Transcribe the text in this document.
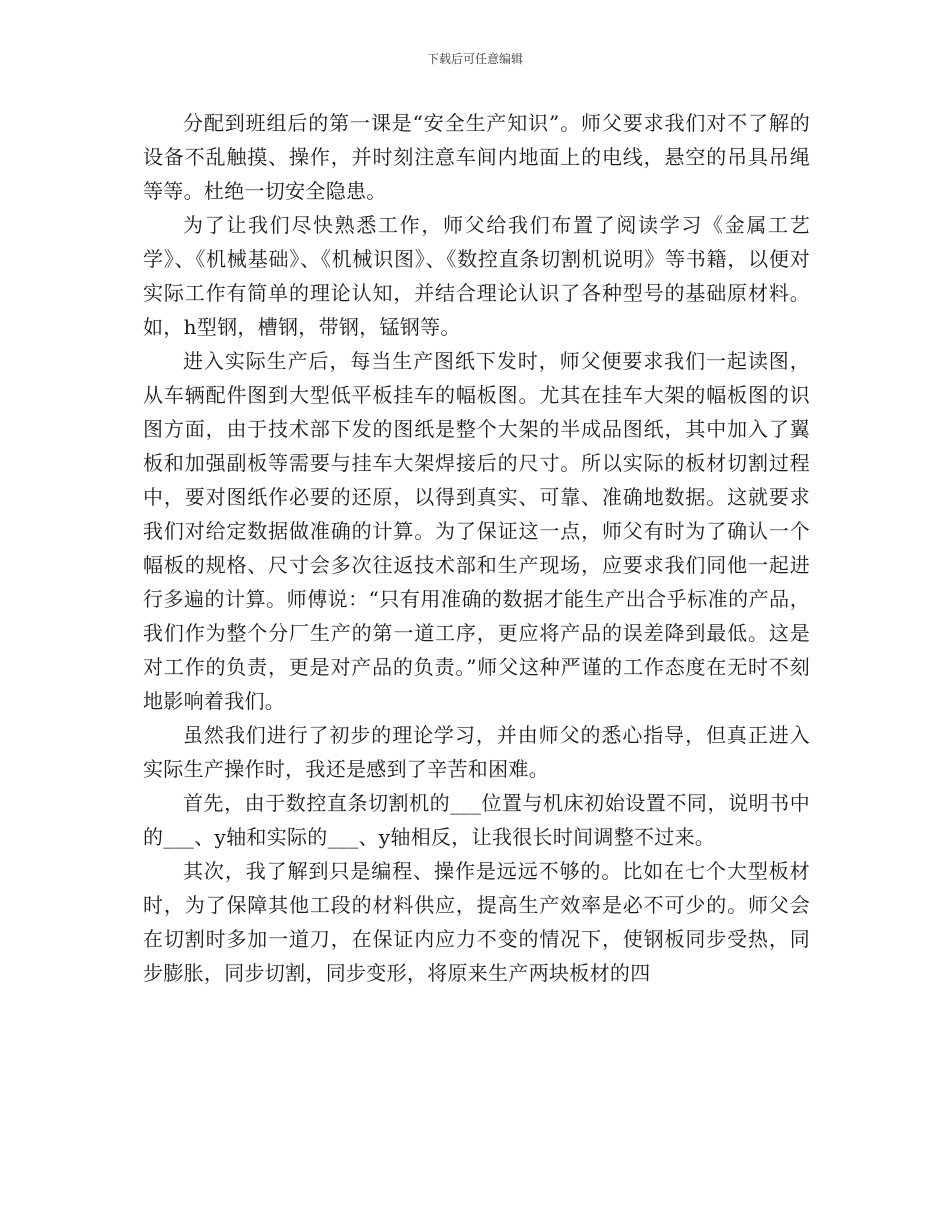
下载后可任意编辑

分配到班组后的第一课是“安全生产知识”。师父要求我们对不了解的设备不乱触摸、操作，并时刻注意车间内地面上的电线，悬空的吊具吊绳等等。杜绝一切安全隐患。

为了让我们尽快熟悉工作，师父给我们布置了阅读学习《金属工艺学》、《机械基础》、《机械识图》、《数控直条切割机说明》等书籍，以便对实际工作有简单的理论认知，并结合理论认识了各种型号的基础原材料。如，h型钢，槽钢，带钢，锰钢等。

进入实际生产后，每当生产图纸下发时，师父便要求我们一起读图，从车辆配件图到大型低平板挂车的幅板图。尤其在挂车大架的幅板图的识图方面，由于技术部下发的图纸是整个大架的半成品图纸，其中加入了翼板和加强副板等需要与挂车大架焊接后的尺寸。所以实际的板材切割过程中，要对图纸作必要的还原，以得到真实、可靠、准确地数据。这就要求我们对给定数据做准确的计算。为了保证这一点，师父有时为了确认一个幅板的规格、尺寸会多次往返技术部和生产现场，应要求我们同他一起进行多遍的计算。师傅说：“只有用准确的数据才能生产出合乎标准的产品，我们作为整个分厂生产的第一道工序，更应将产品的误差降到最低。这是对工作的负责，更是对产品的负责。”师父这种严谨的工作态度在无时不刻地影响着我们。

虽然我们进行了初步的理论学习，并由师父的悉心指导，但真正进入实际生产操作时，我还是感到了辛苦和困难。

首先，由于数控直条切割机的___位置与机床初始设置不同，说明书中的___、y轴和实际的___、y轴相反，让我很长时间调整不过来。

其次，我了解到只是编程、操作是远远不够的。比如在七个大型板材时，为了保障其他工段的材料供应，提高生产效率是必不可少的。师父会在切割时多加一道刀，在保证内应力不变的情况下，使钢板同步受热，同步膨胀，同步切割，同步变形，将原来生产两块板材的四
